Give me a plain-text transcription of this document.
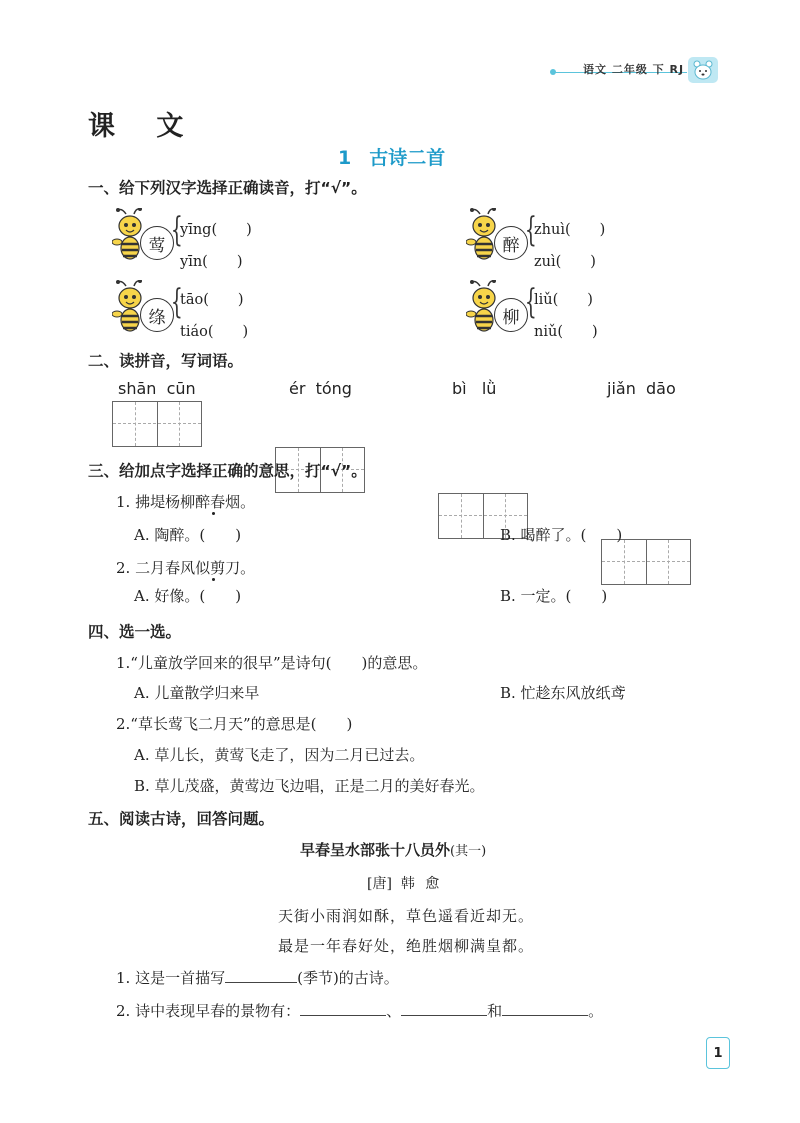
语文 二年级 下 RJ
课 文
1 古诗二首
一、给下列汉字选择正确读音，打“√”。
莺 {
yīng(　　)
yīn(　　)
醉 {
zhuì(　　)
zuì(　　)
绦 {
tāo(　　)
tiáo(　　)
柳 {
liǔ(　　)
niǔ(　　)
二、读拼音，写词语。
shān  cūn	ér  tóng	bì   lǜ	jiǎn  dāo
三、给加点字选择正确的意思，打“√”。
1. 拂堤杨柳醉春烟。
A. 陶醉。(　　)	B. 喝醉了。(　　)
2. 二月春风似剪刀。
A. 好像。(　　)	B. 一定。(　　)
四、选一选。
1.“儿童放学回来的很早”是诗句(　　)的意思。
A. 儿童散学归来早	B. 忙趁东风放纸鸢
2.“草长莺飞二月天”的意思是(　　)
A. 草儿长，黄莺飞走了，因为二月已过去。
B. 草儿茂盛，黄莺边飞边唱，正是二月的美好春光。
五、阅读古诗，回答问题。
早春呈水部张十八员外(其一)
[唐] 韩 愈
天街小雨润如酥，草色遥看近却无。
最是一年春好处，绝胜烟柳满皇都。
1. 这是一首描写	(季节)的古诗。
2. 诗中表现早春的景物有：	、	和	。
1
